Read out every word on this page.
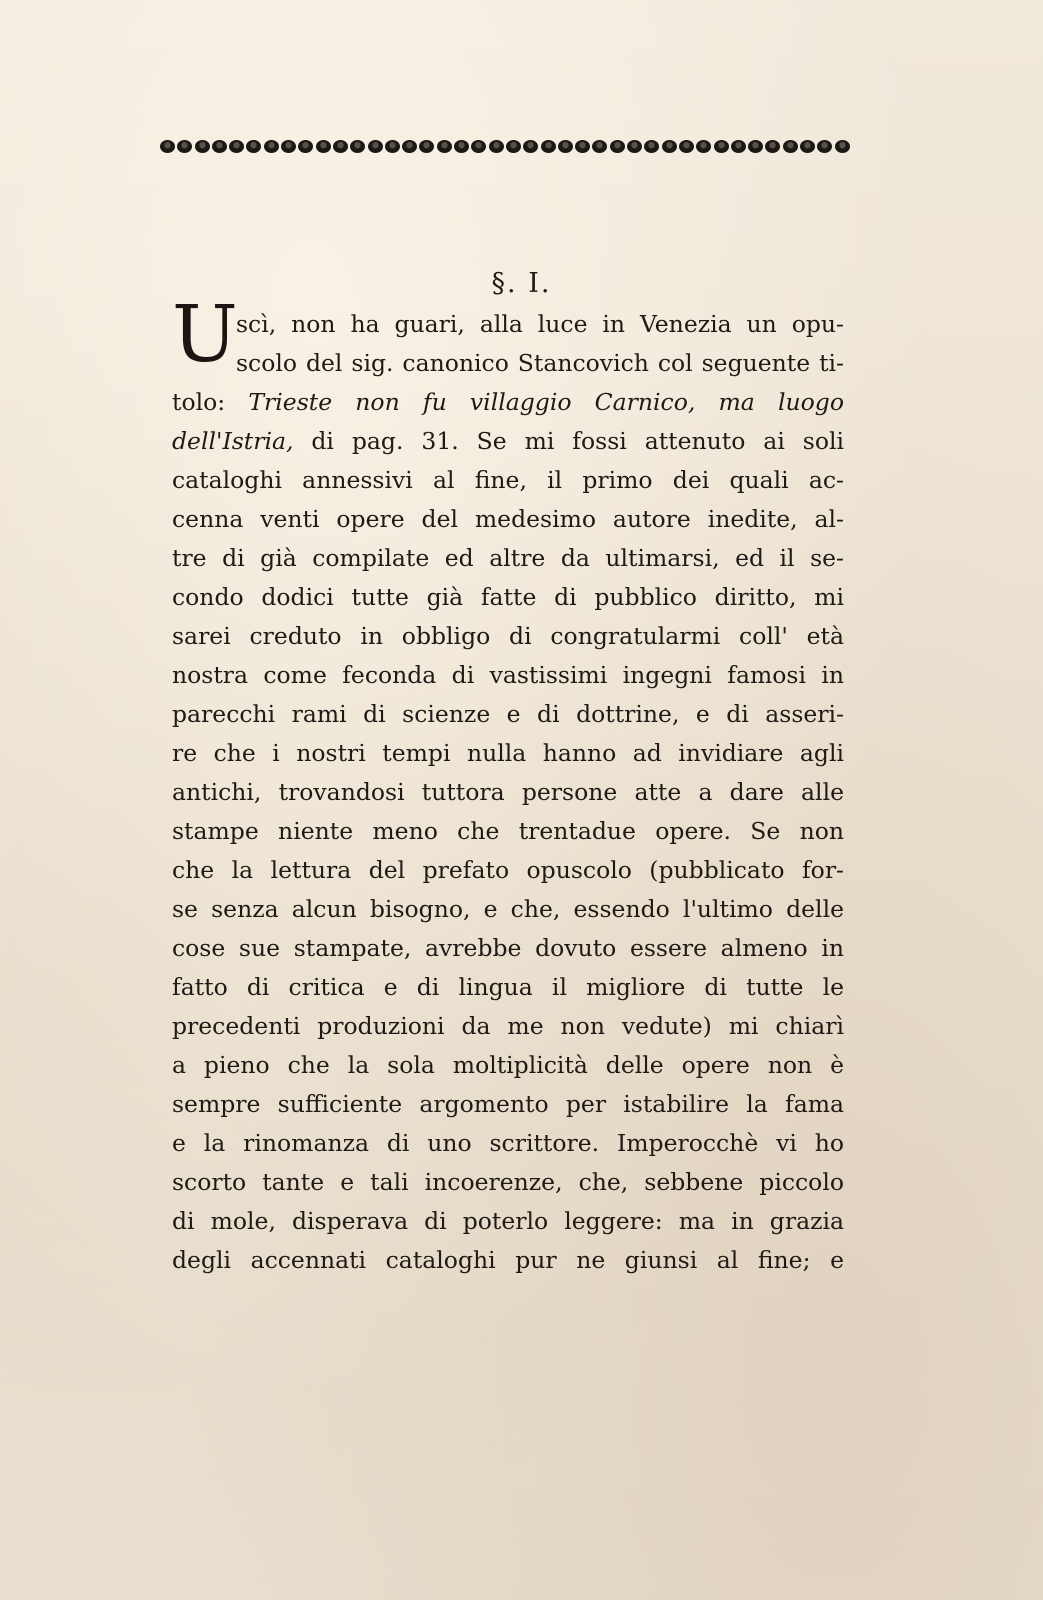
§. I.
U
scì, non ha guari, alla luce in Venezia un opu-
scolo del sig. canonico Stancovich col seguente ti-
tolo: Trieste non fu villaggio Carnico, ma luogo
dell'Istria, di pag. 31. Se mi fossi attenuto ai soli
cataloghi annessivi al fine, il primo dei quali ac-
cenna venti opere del medesimo autore inedite, al-
tre di già compilate ed altre da ultimarsi, ed il se-
condo dodici tutte già fatte di pubblico diritto, mi
sarei creduto in obbligo di congratularmi coll' età
nostra come feconda di vastissimi ingegni famosi in
parecchi rami di scienze e di dottrine, e di asseri-
re che i nostri tempi nulla hanno ad invidiare agli
antichi, trovandosi tuttora persone atte a dare alle
stampe niente meno che trentadue opere. Se non
che la lettura del prefato opuscolo (pubblicato for-
se senza alcun bisogno, e che, essendo l'ultimo delle
cose sue stampate, avrebbe dovuto essere almeno in
fatto di critica e di lingua il migliore di tutte le
precedenti produzioni da me non vedute) mi chiarì
a pieno che la sola moltiplicità delle opere non è
sempre sufficiente argomento per istabilire la fama
e la rinomanza di uno scrittore. Imperocchè vi ho
scorto tante e tali incoerenze, che, sebbene piccolo
di mole, disperava di poterlo leggere: ma in grazia
degli accennati cataloghi pur ne giunsi al fine; e
